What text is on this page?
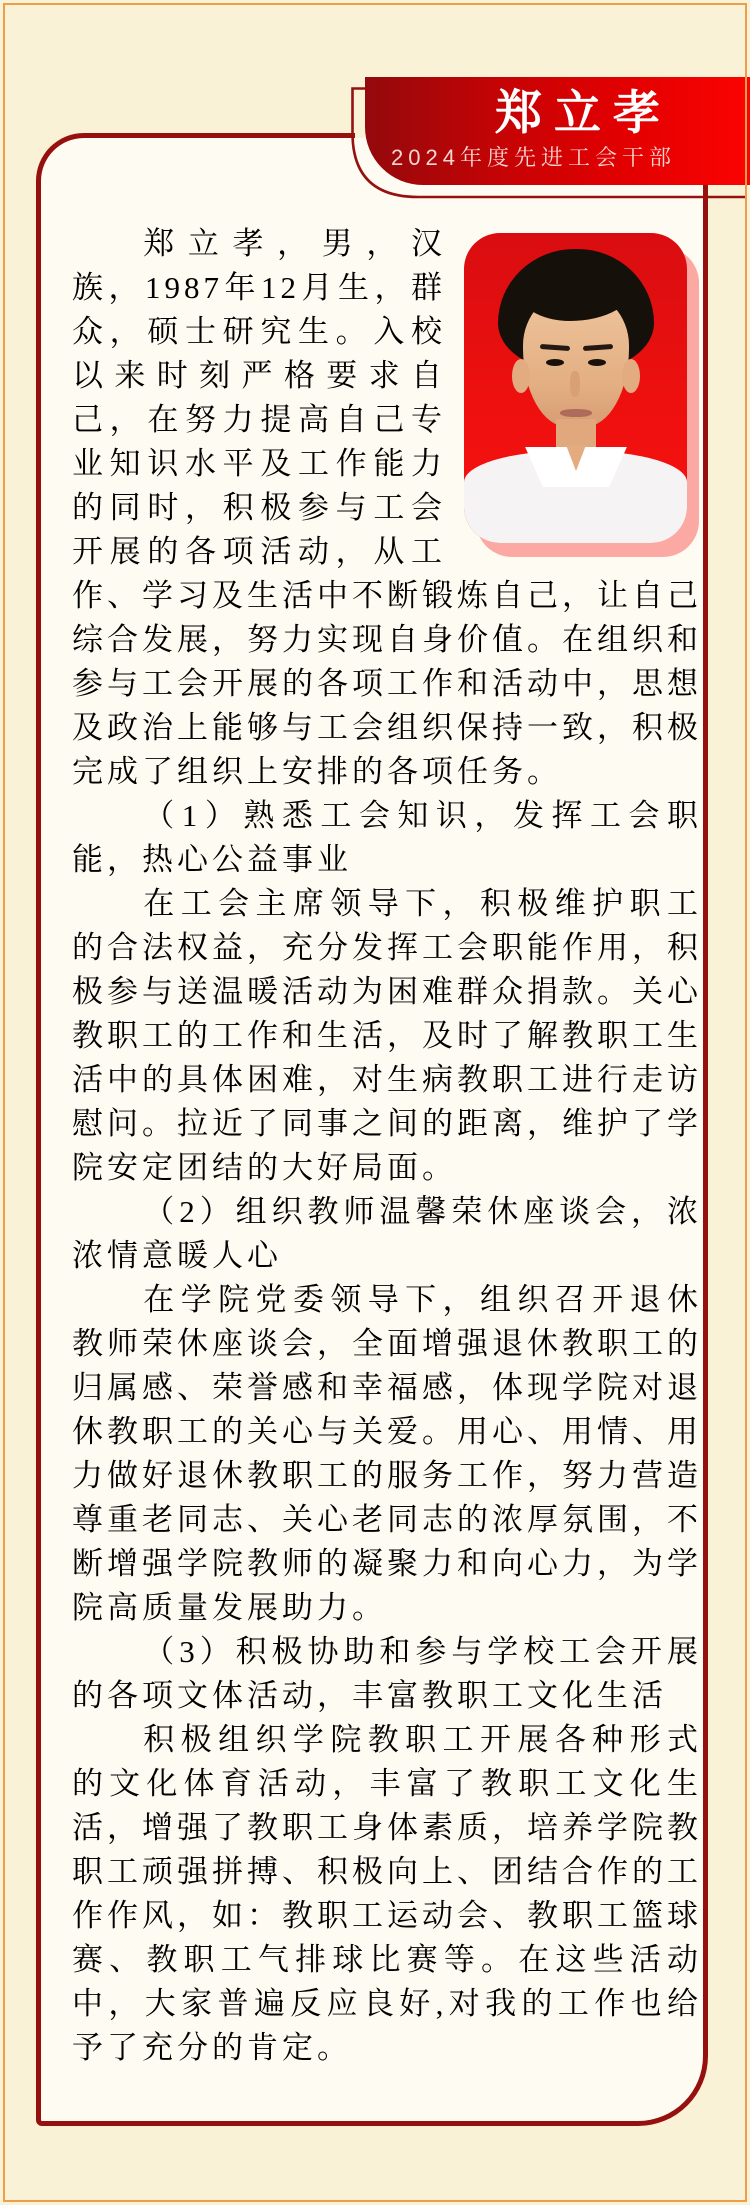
郑立孝
2024年度先进工会干部

郑立孝，男，汉族，1987年12月生，群众，硕士研究生。入校以来时刻严格要求自己，在努力提高自己专业知识水平及工作能力的同时，积极参与工会开展的各项活动，从工作、学习及生活中不断锻炼自己，让自己综合发展，努力实现自身价值。在组织和参与工会开展的各项工作和活动中，思想及政治上能够与工会组织保持一致，积极完成了组织上安排的各项任务。

（1）熟悉工会知识，发挥工会职能，热心公益事业

在工会主席领导下，积极维护职工的合法权益，充分发挥工会职能作用，积极参与送温暖活动为困难群众捐款。关心教职工的工作和生活，及时了解教职工生活中的具体困难，对生病教职工进行走访慰问。拉近了同事之间的距离，维护了学院安定团结的大好局面。

（2）组织教师温馨荣休座谈会，浓浓情意暖人心

在学院党委领导下，组织召开退休教师荣休座谈会，全面增强退休教职工的归属感、荣誉感和幸福感，体现学院对退休教职工的关心与关爱。用心、用情、用力做好退休教职工的服务工作，努力营造尊重老同志、关心老同志的浓厚氛围，不断增强学院教师的凝聚力和向心力，为学院高质量发展助力。

（3）积极协助和参与学校工会开展的各项文体活动，丰富教职工文化生活

积极组织学院教职工开展各种形式的文化体育活动，丰富了教职工文化生活，增强了教职工身体素质，培养学院教职工顽强拼搏、积极向上、团结合作的工作作风，如：教职工运动会、教职工篮球赛、教职工气排球比赛等。在这些活动中，大家普遍反应良好,对我的工作也给予了充分的肯定。
